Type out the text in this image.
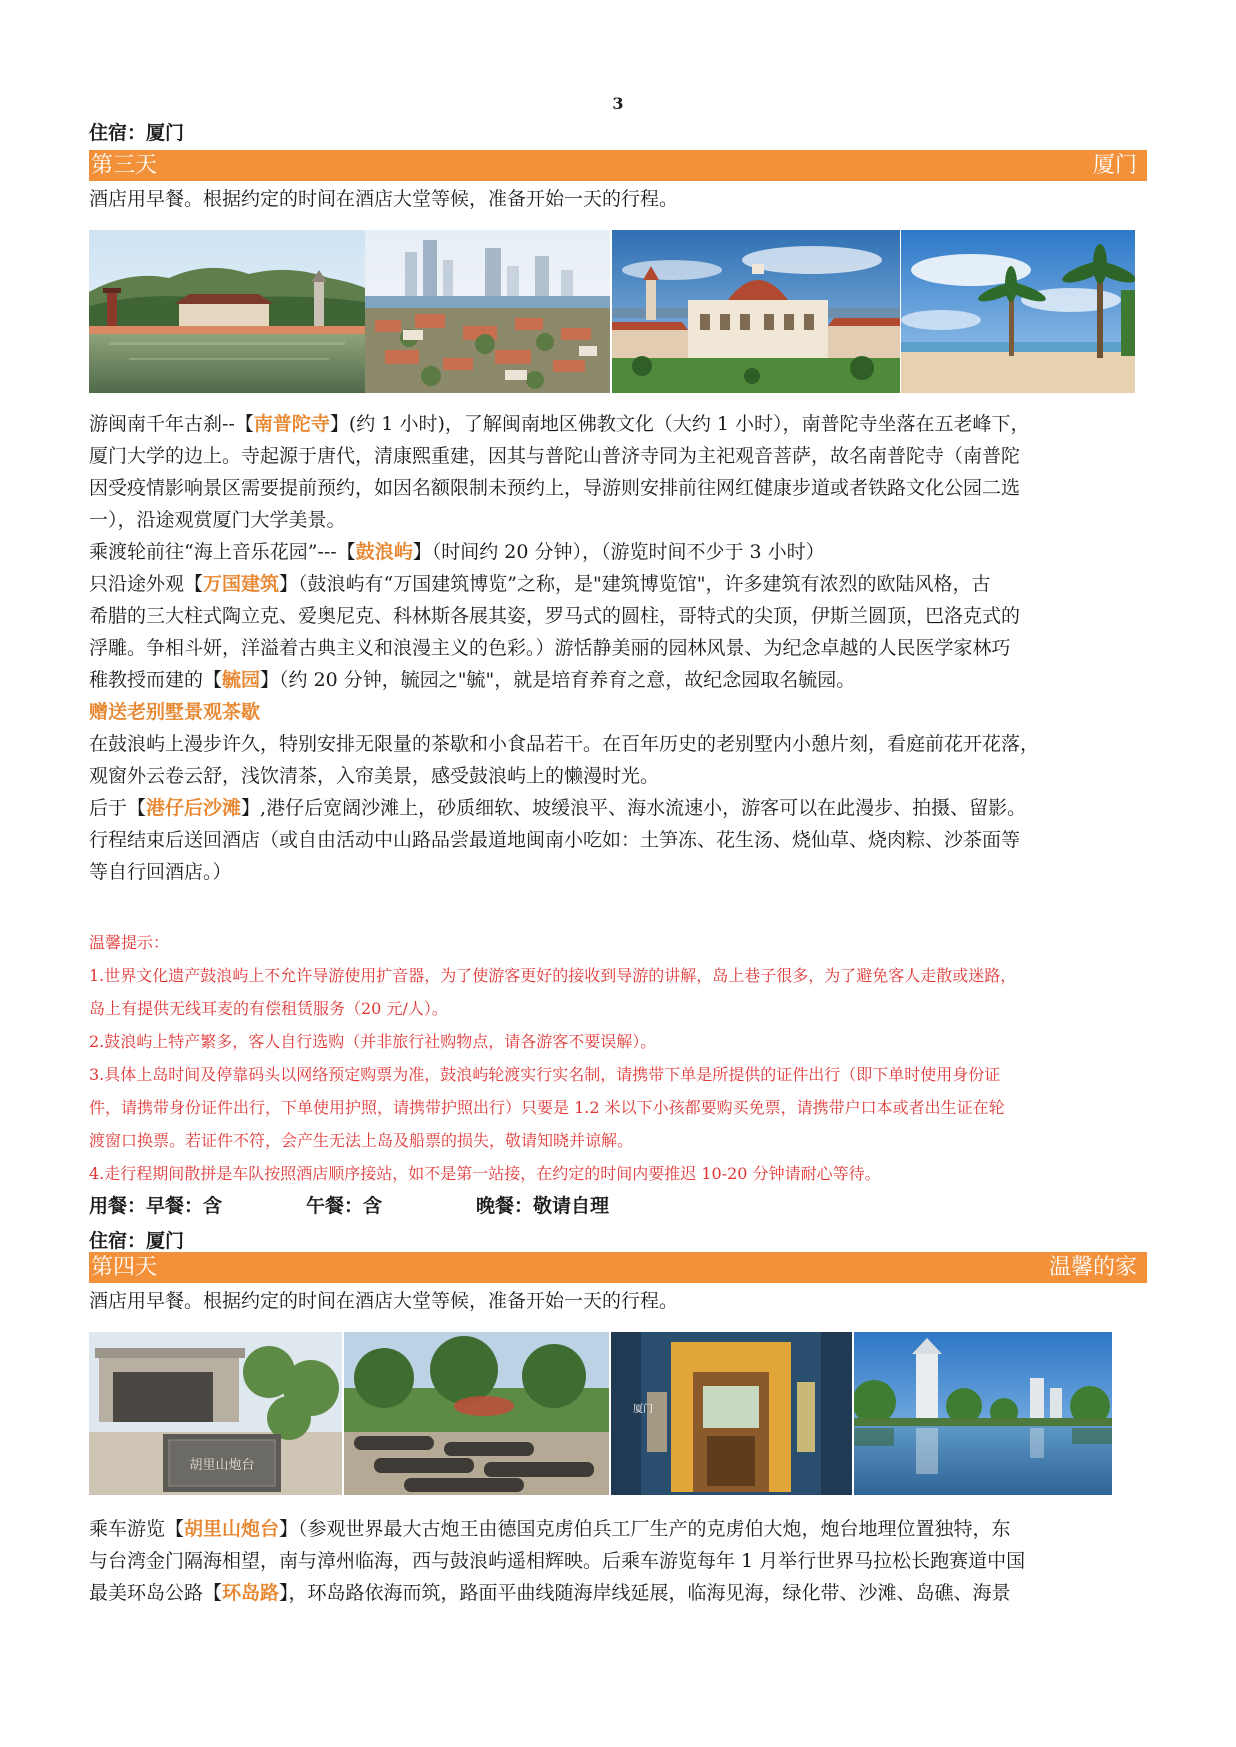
3
住宿：厦门
第三天	厦门
酒店用早餐。根据约定的时间在酒店大堂等候，准备开始一天的行程。
游闽南千年古刹--【南普陀寺】(约 1 小时)，了解闽南地区佛教文化（大约 1 小时），南普陀寺坐落在五老峰下，
厦门大学的边上。寺起源于唐代，清康熙重建，因其与普陀山普济寺同为主祀观音菩萨，故名南普陀寺（南普陀
因受疫情影响景区需要提前预约，如因名额限制未预约上，导游则安排前往网红健康步道或者铁路文化公园二选
一），沿途观赏厦门大学美景。
乘渡轮前往“海上音乐花园”---【鼓浪屿】（时间约 20 分钟），（游览时间不少于 3 小时）
只沿途外观【万国建筑】（鼓浪屿有“万国建筑博览”之称，是"建筑博览馆"，许多建筑有浓烈的欧陆风格，古
希腊的三大柱式陶立克、爱奥尼克、科林斯各展其姿，罗马式的圆柱，哥特式的尖顶，伊斯兰圆顶，巴洛克式的
浮雕。争相斗妍，洋溢着古典主义和浪漫主义的色彩。）游恬静美丽的园林风景、为纪念卓越的人民医学家林巧
稚教授而建的【毓园】（约 20 分钟，毓园之"毓"，就是培育养育之意，故纪念园取名毓园。
赠送老别墅景观茶歇
在鼓浪屿上漫步许久，特别安排无限量的茶歇和小食品若干。在百年历史的老别墅内小憩片刻，看庭前花开花落，
观窗外云卷云舒，浅饮清茶，入帘美景，感受鼓浪屿上的懒漫时光。
后于【港仔后沙滩】,港仔后宽阔沙滩上，砂质细软、坡缓浪平、海水流速小，游客可以在此漫步、拍摄、留影。
行程结束后送回酒店（或自由活动中山路品尝最道地闽南小吃如：土笋冻、花生汤、烧仙草、烧肉粽、沙茶面等
等自行回酒店。）
温馨提示：
1.世界文化遗产鼓浪屿上不允许导游使用扩音器，为了使游客更好的接收到导游的讲解，岛上巷子很多，为了避免客人走散或迷路，
岛上有提供无线耳麦的有偿租赁服务（20 元/人）。
2.鼓浪屿上特产繁多，客人自行选购（并非旅行社购物点，请各游客不要误解）。
3.具体上岛时间及停靠码头以网络预定购票为准，鼓浪屿轮渡实行实名制，请携带下单是所提供的证件出行（即下单时使用身份证
件，请携带身份证件出行，下单使用护照，请携带护照出行）只要是 1.2 米以下小孩都要购买免票，请携带户口本或者出生证在轮
渡窗口换票。若证件不符，会产生无法上岛及船票的损失，敬请知晓并谅解。
4.走行程期间散拼是车队按照酒店顺序接站，如不是第一站接，在约定的时间内要推迟 10-20 分钟请耐心等待。
用餐：早餐：含	午餐：含	晚餐：敬请自理
住宿：厦门
第四天	温馨的家
酒店用早餐。根据约定的时间在酒店大堂等候，准备开始一天的行程。
胡里山炮台
厦门
乘车游览【胡里山炮台】（参观世界最大古炮王由德国克虏伯兵工厂生产的克虏伯大炮，炮台地理位置独特，东
与台湾金门隔海相望，南与漳州临海，西与鼓浪屿遥相辉映。后乘车游览每年 1 月举行世界马拉松长跑赛道中国
最美环岛公路【环岛路】，环岛路依海而筑，路面平曲线随海岸线延展，临海见海，绿化带、沙滩、岛礁、海景
